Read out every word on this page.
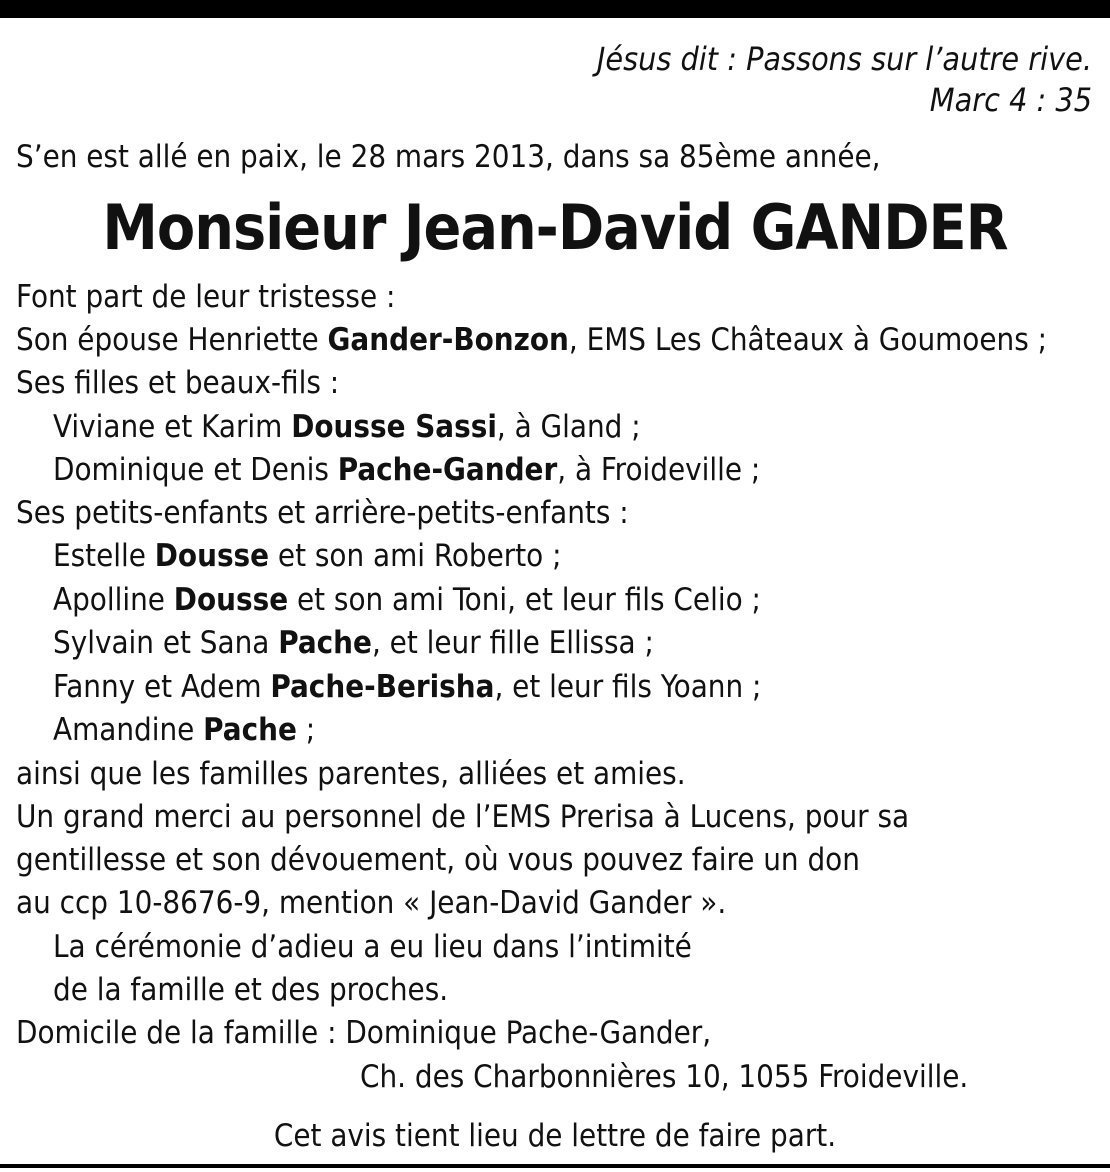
Jésus dit : Passons sur l’autre rive.
Marc 4 : 35
S’en est allé en paix, le 28 mars 2013, dans sa 85ème année,
Monsieur Jean-David GANDER
Font part de leur tristesse :
Son épouse Henriette Gander-Bonzon, EMS Les Châteaux à Goumoens ;
Ses filles et beaux-fils :
Viviane et Karim Dousse Sassi, à Gland ;
Dominique et Denis Pache-Gander, à Froideville ;
Ses petits-enfants et arrière-petits-enfants :
Estelle Dousse et son ami Roberto ;
Apolline Dousse et son ami Toni, et leur fils Celio ;
Sylvain et Sana Pache, et leur fille Ellissa ;
Fanny et Adem Pache-Berisha, et leur fils Yoann ;
Amandine Pache ;
ainsi que les familles parentes, alliées et amies.
Un grand merci au personnel de l’EMS Prerisa à Lucens, pour sa
gentillesse et son dévouement, où vous pouvez faire un don
au ccp 10-8676-9, mention « Jean-David Gander ».
La cérémonie d’adieu a eu lieu dans l’intimité
de la famille et des proches.
Domicile de la famille : Dominique Pache-Gander,
Ch. des Charbonnières 10, 1055 Froideville.
Cet avis tient lieu de lettre de faire part.
